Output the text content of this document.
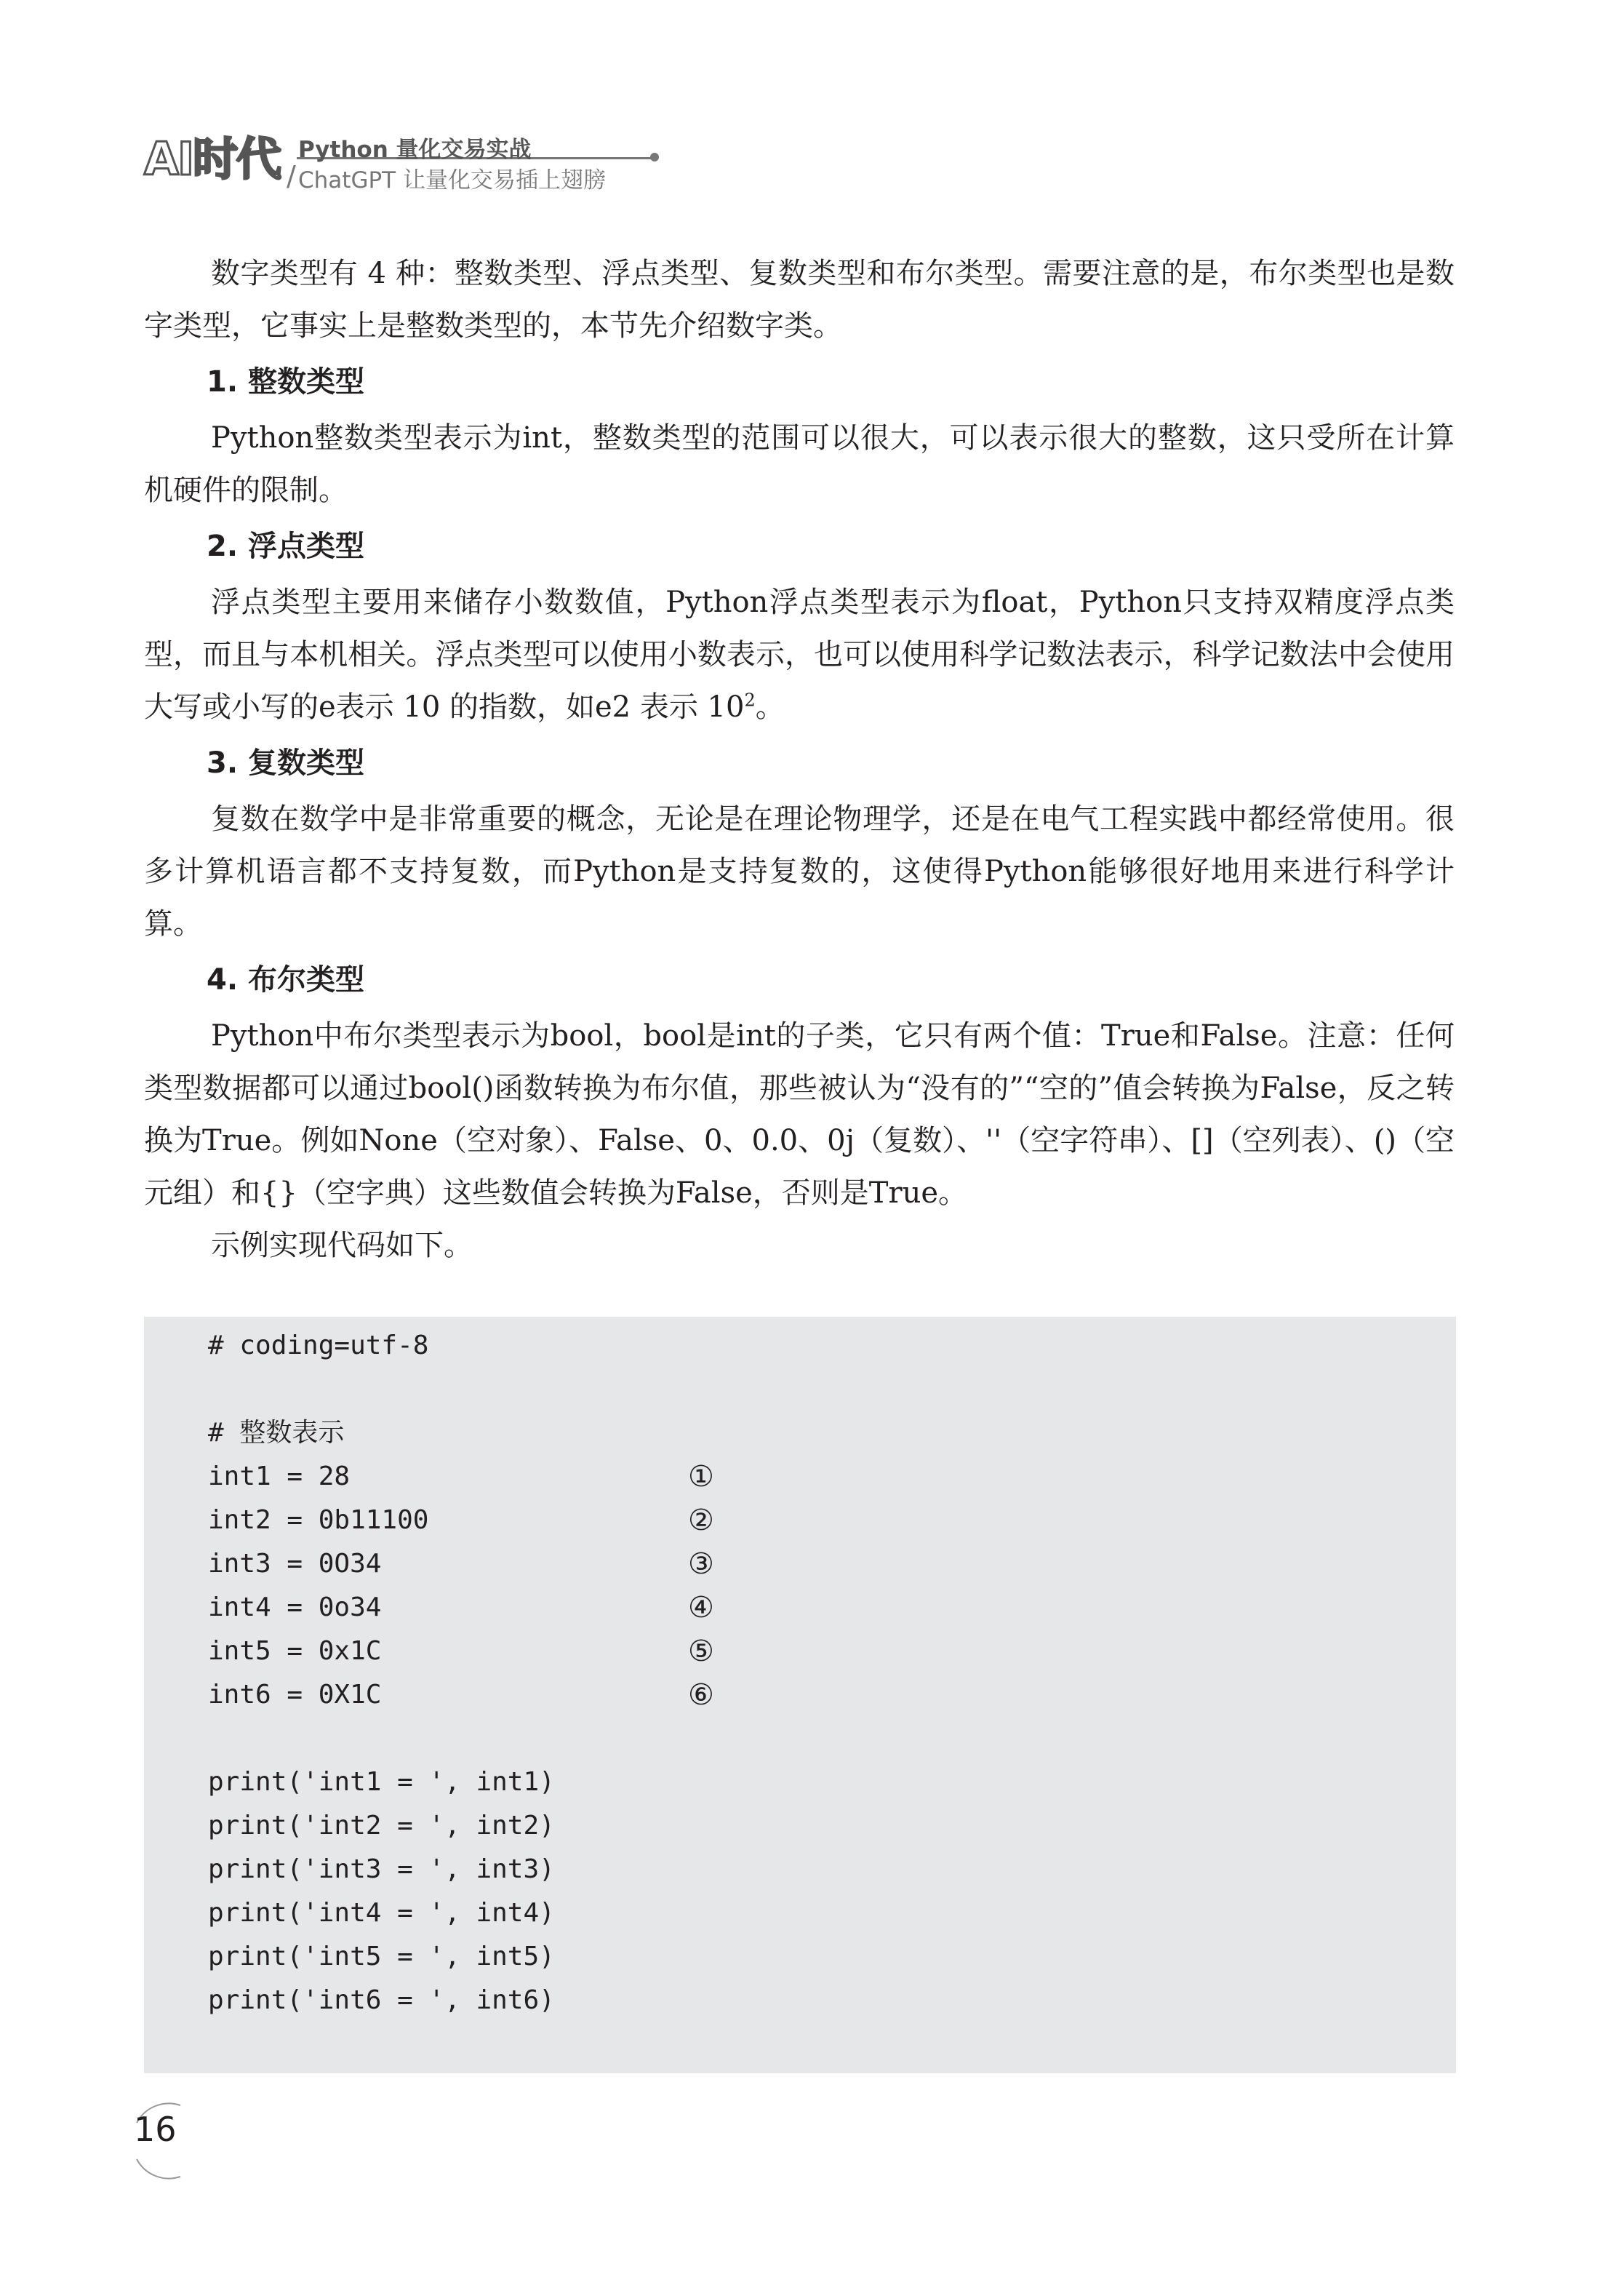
AI时代 Python 量化交易实战
/ ChatGPT 让量化交易插上翅膀

数字类型有 4 种：整数类型、浮点类型、复数类型和布尔类型。需要注意的是，布尔类型也是数字类型，它事实上是整数类型的，本节先介绍数字类。

1. 整数类型

Python整数类型表示为int，整数类型的范围可以很大，可以表示很大的整数，这只受所在计算机硬件的限制。

2. 浮点类型

浮点类型主要用来储存小数数值，Python浮点类型表示为float，Python只支持双精度浮点类型，而且与本机相关。浮点类型可以使用小数表示，也可以使用科学记数法表示，科学记数法中会使用大写或小写的e表示 10 的指数，如e2 表示 $10^2$。

3. 复数类型

复数在数学中是非常重要的概念，无论是在理论物理学，还是在电气工程实践中都经常使用。很多计算机语言都不支持复数，而Python是支持复数的，这使得Python能够很好地用来进行科学计算。

4. 布尔类型

Python中布尔类型表示为bool，bool是int的子类，它只有两个值：True和False。注意：任何类型数据都可以通过bool()函数转换为布尔值，那些被认为“没有的”“空的”值会转换为False，反之转换为True。例如None（空对象）、False、0、0.0、0j（复数）、''（空字符串）、[]（空列表）、()（空元组）和{}（空字典）这些数值会转换为False，否则是True。

示例实现代码如下。

# coding=utf-8
# 整数表示
int1 = 28
int2 = 0b11100
int3 = 0O34
int4 = 0o34
int5 = 0x1C
int6 = 0X1C
print('int1 = ', int1)
print('int2 = ', int2)
print('int3 = ', int3)
print('int4 = ', int4)
print('int5 = ', int5)
print('int6 = ', int6)
①
②
③
④
⑤
⑥
16
